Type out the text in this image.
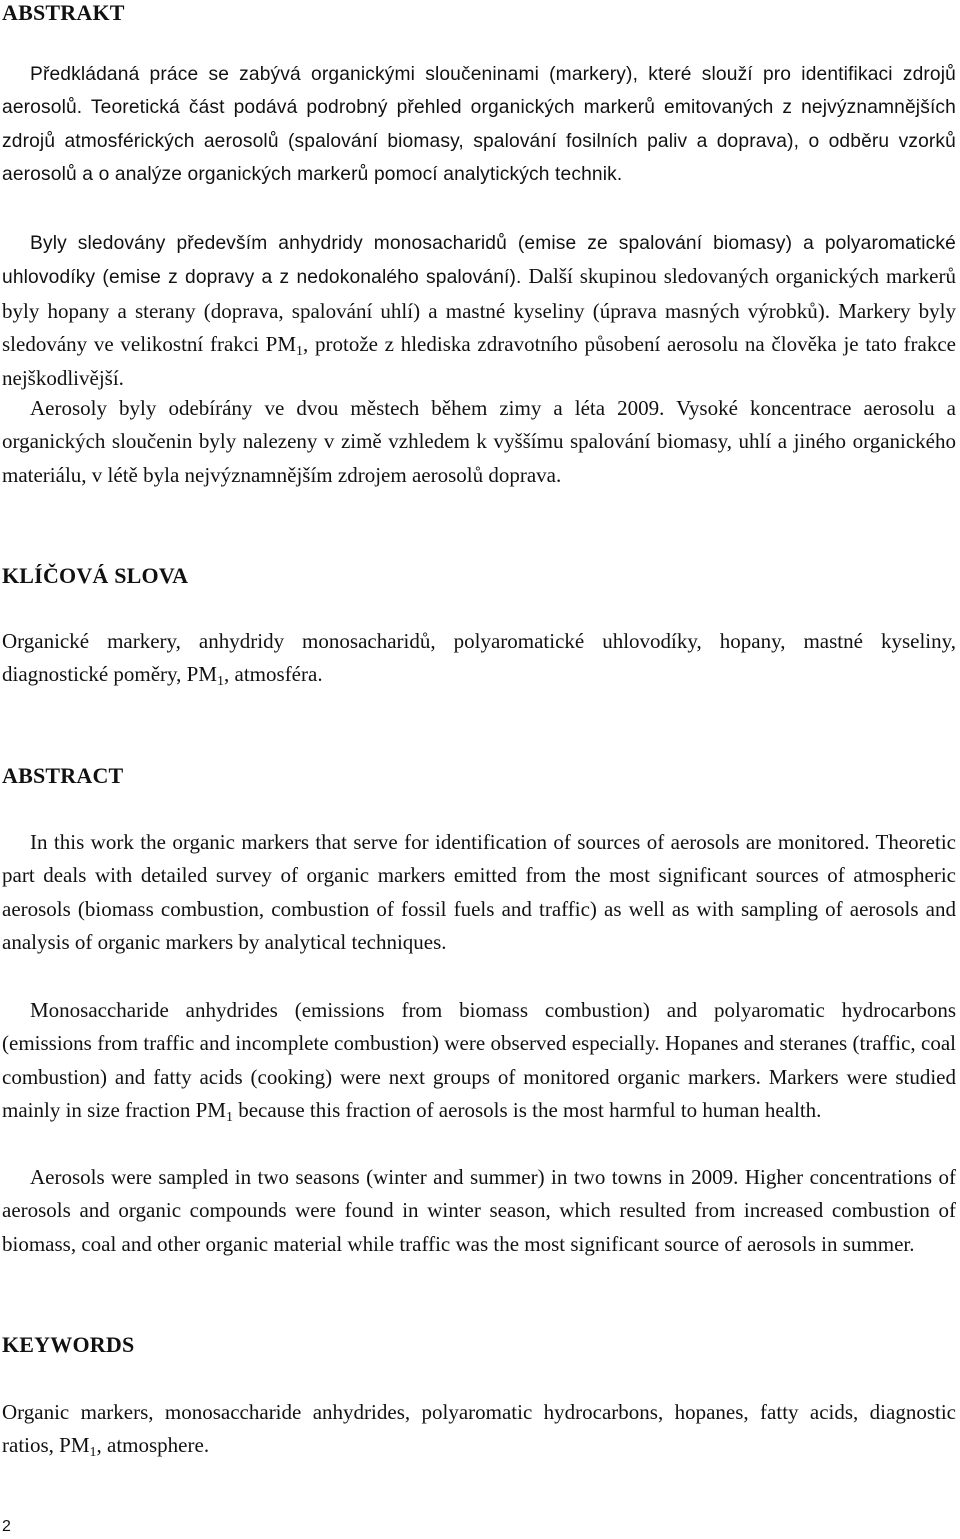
ABSTRAKT

Předkládaná práce se zabývá organickými sloučeninami (markery), které slouží pro identifikaci zdrojů aerosolů. Teoretická část podává podrobný přehled organických markerů emitovaných z nejvýznamnějších zdrojů atmosférických aerosolů (spalování biomasy, spalování fosilních paliv a doprava), o odběru vzorků aerosolů a o analýze organických markerů pomocí analytických technik.

Byly sledovány především anhydridy monosacharidů (emise ze spalování biomasy) a polyaromatické uhlovodíky (emise z dopravy a z nedokonalého spalování). Další skupinou sledovaných organických markerů byly hopany a sterany (doprava, spalování uhlí) a mastné kyseliny (úprava masných výrobků). Markery byly sledovány ve velikostní frakci $PM_1$, protože z hlediska zdravotního působení aerosolu na člověka je tato frakce nejškodlivější.

Aerosoly byly odebírány ve dvou městech během zimy a léta 2009. Vysoké koncentrace aerosolu a organických sloučenin byly nalezeny v zimě vzhledem k vyššímu spalování biomasy, uhlí a jiného organického materiálu, v létě byla nejvýznamnějším zdrojem aerosolů doprava.

KLÍČOVÁ SLOVA

Organické markery, anhydridy monosacharidů, polyaromatické uhlovodíky, hopany, mastné kyseliny, diagnostické poměry, $PM_1$, atmosféra.

ABSTRACT

In this work the organic markers that serve for identification of sources of aerosols are monitored. Theoretic part deals with detailed survey of organic markers emitted from the most significant sources of atmospheric aerosols (biomass combustion, combustion of fossil fuels and traffic) as well as with sampling of aerosols and analysis of organic markers by analytical techniques.

Monosaccharide anhydrides (emissions from biomass combustion) and polyaromatic hydrocarbons (emissions from traffic and incomplete combustion) were observed especially. Hopanes and steranes (traffic, coal combustion) and fatty acids (cooking) were next groups of monitored organic markers. Markers were studied mainly in size fraction $PM_1$ because this fraction of aerosols is the most harmful to human health.

Aerosols were sampled in two seasons (winter and summer) in two towns in 2009. Higher concentrations of aerosols and organic compounds were found in winter season, which resulted from increased combustion of biomass, coal and other organic material while traffic was the most significant source of aerosols in summer.

KEYWORDS

Organic markers, monosaccharide anhydrides, polyaromatic hydrocarbons, hopanes, fatty acids, diagnostic ratios, $PM_1$, atmosphere.

2
